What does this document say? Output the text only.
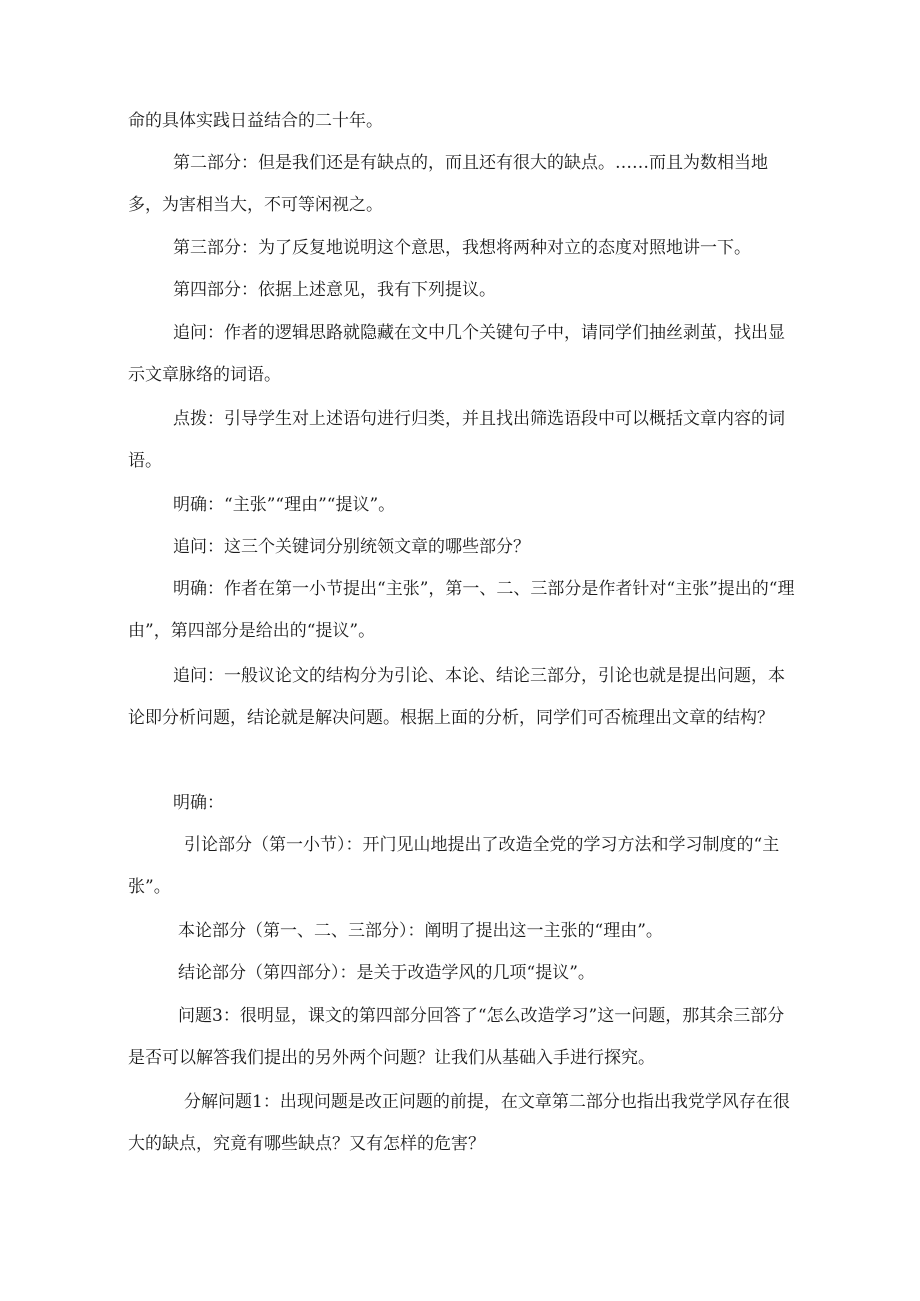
命的具体实践日益结合的二十年。

第二部分：但是我们还是有缺点的，而且还有很大的缺点。……而且为数相当地多，为害相当大，不可等闲视之。

第三部分：为了反复地说明这个意思，我想将两种对立的态度对照地讲一下。

第四部分：依据上述意见，我有下列提议。

追问：作者的逻辑思路就隐藏在文中几个关键句子中，请同学们抽丝剥茧，找出显示文章脉络的词语。

点拨：引导学生对上述语句进行归类，并且找出筛选语段中可以概括文章内容的词语。

明确：“主张”“理由”“提议”。

追问：这三个关键词分别统领文章的哪些部分？

明确：作者在第一小节提出“主张”，第一、二、三部分是作者针对“主张”提出的“理由”，第四部分是给出的“提议”。

追问：一般议论文的结构分为引论、本论、结论三部分，引论也就是提出问题，本论即分析问题，结论就是解决问题。根据上面的分析，同学们可否梳理出文章的结构？

明确：

引论部分（第一小节）：开门见山地提出了改造全党的学习方法和学习制度的“主张”。

本论部分（第一、二、三部分）：阐明了提出这一主张的“理由”。

结论部分（第四部分）：是关于改造学风的几项“提议”。

问题3：很明显，课文的第四部分回答了“怎么改造学习”这一问题，那其余三部分是否可以解答我们提出的另外两个问题？让我们从基础入手进行探究。

分解问题1：出现问题是改正问题的前提，在文章第二部分也指出我党学风存在很大的缺点，究竟有哪些缺点？又有怎样的危害？
